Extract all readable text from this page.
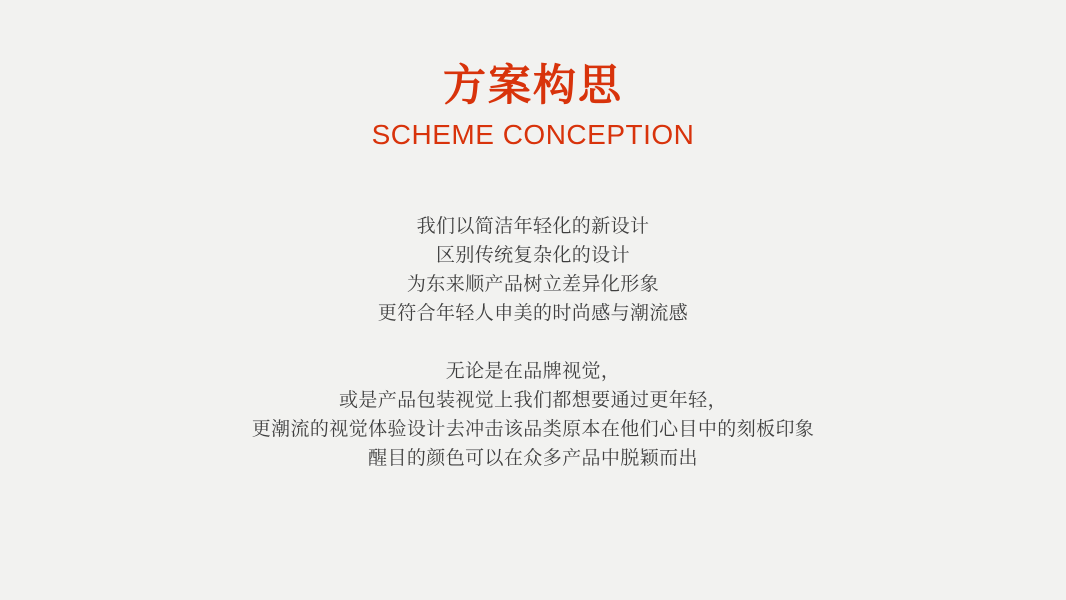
方案构思
SCHEME CONCEPTION
我们以简洁年轻化的新设计
区别传统复杂化的设计
为东来顺产品树立差异化形象
更符合年轻人申美的时尚感与潮流感
无论是在品牌视觉，
或是产品包装视觉上我们都想要通过更年轻，
更潮流的视觉体验设计去冲击该品类原本在他们心目中的刻板印象
醒目的颜色可以在众多产品中脱颖而出
